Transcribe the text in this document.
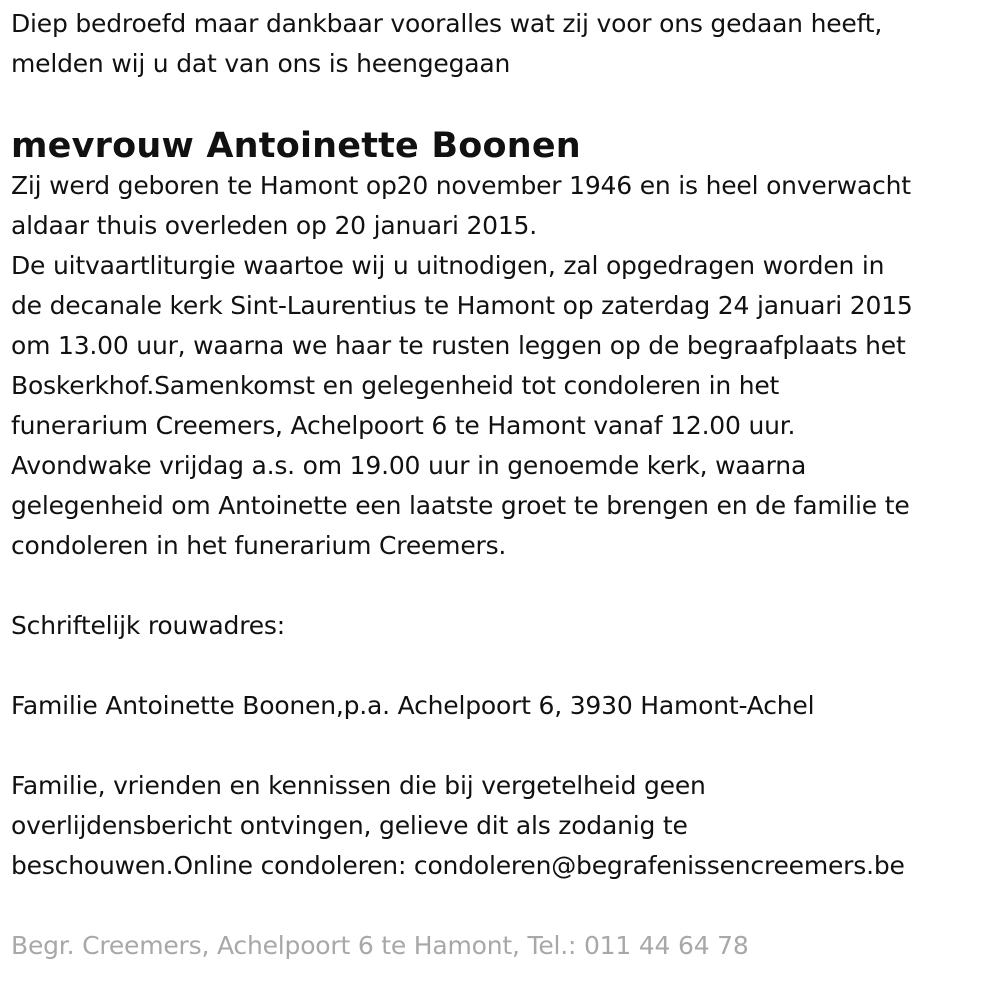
Diep bedroefd maar dankbaar vooralles wat zij voor ons gedaan heeft,
melden wij u dat van ons is heengegaan
mevrouw Antoinette Boonen
Zij werd geboren te Hamont op20 november 1946 en is heel onverwacht
aldaar thuis overleden op 20 januari 2015.
De uitvaartliturgie waartoe wij u uitnodigen, zal opgedragen worden in
de decanale kerk Sint-Laurentius te Hamont op zaterdag 24 januari 2015
om 13.00 uur, waarna we haar te rusten leggen op de begraafplaats het
Boskerkhof.Samenkomst en gelegenheid tot condoleren in het
funerarium Creemers, Achelpoort 6 te Hamont vanaf 12.00 uur.
Avondwake vrijdag a.s. om 19.00 uur in genoemde kerk, waarna
gelegenheid om Antoinette een laatste groet te brengen en de familie te
condoleren in het funerarium Creemers.
Schriftelijk rouwadres:
Familie Antoinette Boonen,p.a. Achelpoort 6, 3930 Hamont-Achel
Familie, vrienden en kennissen die bij vergetelheid geen
overlijdensbericht ontvingen, gelieve dit als zodanig te
beschouwen.Online condoleren: condoleren@begrafenissencreemers.be
Begr. Creemers, Achelpoort 6 te Hamont, Tel.: 011 44 64 78
